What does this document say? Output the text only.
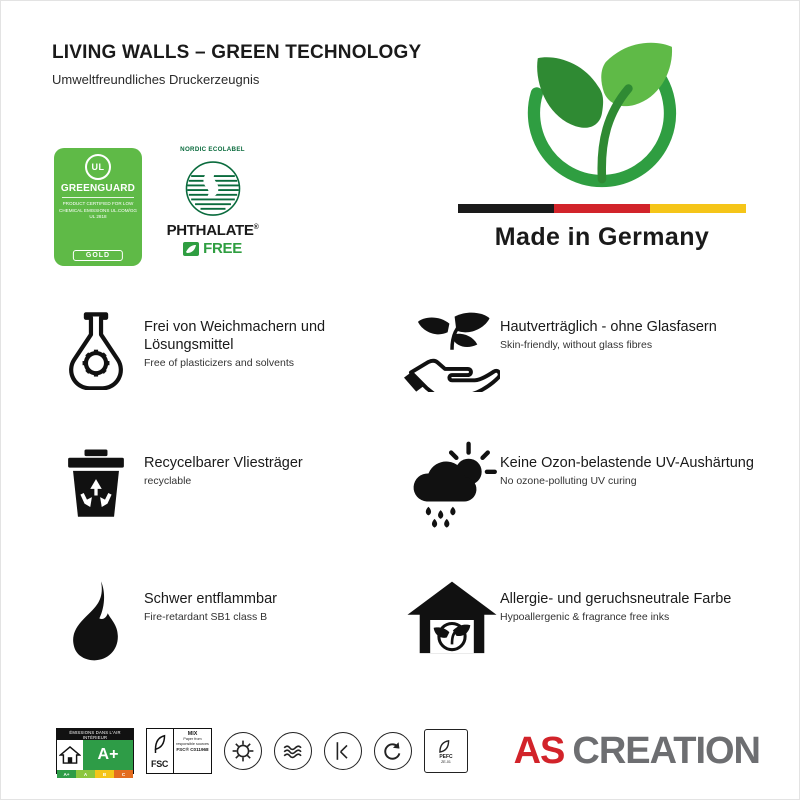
LIVING WALLS – GREEN TECHNOLOGY
Umweltfreundliches Druckerzeugnis
UL
GREENGUARD
PRODUCT CERTIFIED FOR LOW CHEMICAL EMISSIONS UL.COM/GG UL 2818
GOLD
NORDIC ECOLABEL
PHTHALATE®
FREE	Made in Germany
Frei von Weichmachern und Lösungsmittel
Free of plasticizers and solvents
Hautverträglich - ohne Glasfasern
Skin-friendly, without glass fibres
Recycelbarer Vliesträger
recyclable
Keine Ozon-belastende UV-Aushärtung
No ozone-polluting UV curing
Schwer entflammbar
Fire-retardant SB1 class B
Allergie- und geruchsneutrale Farbe
Hypoallergenic & fragrance free inks
ÉMISSIONS DANS L'AIR INTÉRIEUR
A+
A+	A	B	C
FSC
MIX
Paper from responsible sources
FSC® C011968
PEFC
ZE-01 AS CREATION
